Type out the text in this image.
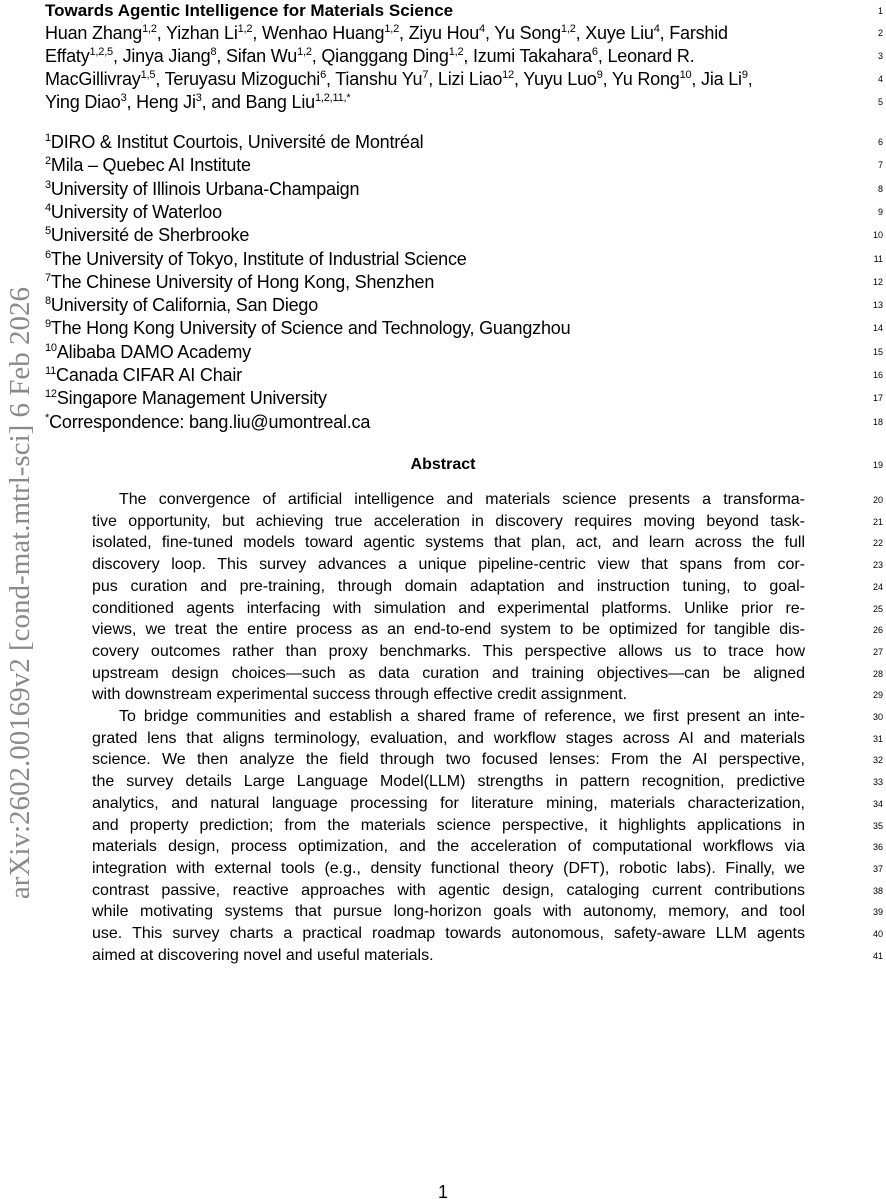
arXiv:2602.00169v2 [cond-mat.mtrl-sci] 6 Feb 2026
Towards Agentic Intelligence for Materials Science
Huan Zhang$^{1,2}$, Yizhan Li$^{1,2}$, Wenhao Huang$^{1,2}$, Ziyu Hou$^4$, Yu Song$^{1,2}$, Xuye Liu$^4$, Farshid
Effaty$^{1,2,5}$, Jinya Jiang$^8$, Sifan Wu$^{1,2}$, Qianggang Ding$^{1,2}$, Izumi Takahara$^6$, Leonard R.
MacGillivray$^{1,5}$, Teruyasu Mizoguchi$^6$, Tianshu Yu$^7$, Lizi Liao$^{12}$, Yuyu Luo$^9$, Yu Rong$^{10}$, Jia Li$^9$,
Ying Diao$^3$, Heng Ji$^3$, and Bang Liu$^{1,2,11,*}$
$^1$DIRO & Institut Courtois, Université de Montréal
$^2$Mila – Quebec AI Institute
$^3$University of Illinois Urbana-Champaign
$^4$University of Waterloo
$^5$Université de Sherbrooke
$^6$The University of Tokyo, Institute of Industrial Science
$^7$The Chinese University of Hong Kong, Shenzhen
$^8$University of California, San Diego
$^9$The Hong Kong University of Science and Technology, Guangzhou
$^{10}$Alibaba DAMO Academy
$^{11}$Canada CIFAR AI Chair
$^{12}$Singapore Management University
*Correspondence: bang.liu@umontreal.ca
Abstract
The convergence of artificial intelligence and materials science presents a transforma-
tive opportunity, but achieving true acceleration in discovery requires moving beyond task-
isolated, fine-tuned models toward agentic systems that plan, act, and learn across the full
discovery loop. This survey advances a unique pipeline-centric view that spans from cor-
pus curation and pre-training, through domain adaptation and instruction tuning, to goal-
conditioned agents interfacing with simulation and experimental platforms. Unlike prior re-
views, we treat the entire process as an end-to-end system to be optimized for tangible dis-
covery outcomes rather than proxy benchmarks. This perspective allows us to trace how
upstream design choices—such as data curation and training objectives—can be aligned
with downstream experimental success through effective credit assignment.
To bridge communities and establish a shared frame of reference, we first present an inte-
grated lens that aligns terminology, evaluation, and workflow stages across AI and materials
science. We then analyze the field through two focused lenses: From the AI perspective,
the survey details Large Language Model(LLM) strengths in pattern recognition, predictive
analytics, and natural language processing for literature mining, materials characterization,
and property prediction; from the materials science perspective, it highlights applications in
materials design, process optimization, and the acceleration of computational workflows via
integration with external tools (e.g., density functional theory (DFT), robotic labs). Finally, we
contrast passive, reactive approaches with agentic design, cataloging current contributions
while motivating systems that pursue long-horizon goals with autonomy, memory, and tool
use. This survey charts a practical roadmap towards autonomous, safety-aware LLM agents
aimed at discovering novel and useful materials.
1
2
3
4
5
6
7
8
9
10
11
12
13
14
15
16
17
18
19
20
21
22
23
24
25
26
27
28
29
30
31
32
33
34
35
36
37
38
39
40
41
1
